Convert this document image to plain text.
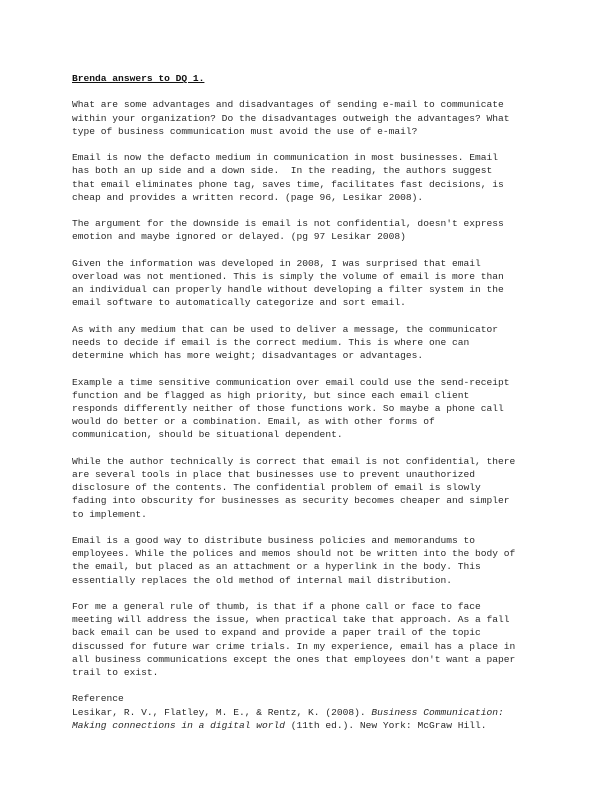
Brenda answers to DQ 1.
What are some advantages and disadvantages of sending e-mail to communicate
within your organization? Do the disadvantages outweigh the advantages? What
type of business communication must avoid the use of e-mail?
Email is now the defacto medium in communication in most businesses. Email
has both an up side and a down side.  In the reading, the authors suggest
that email eliminates phone tag, saves time, facilitates fast decisions, is
cheap and provides a written record. (page 96, Lesikar 2008).
The argument for the downside is email is not confidential, doesn't express
emotion and maybe ignored or delayed. (pg 97 Lesikar 2008)
Given the information was developed in 2008, I was surprised that email
overload was not mentioned. This is simply the volume of email is more than
an individual can properly handle without developing a filter system in the
email software to automatically categorize and sort email.
As with any medium that can be used to deliver a message, the communicator
needs to decide if email is the correct medium. This is where one can
determine which has more weight; disadvantages or advantages.
Example a time sensitive communication over email could use the send-receipt
function and be flagged as high priority, but since each email client
responds differently neither of those functions work. So maybe a phone call
would do better or a combination. Email, as with other forms of
communication, should be situational dependent.
While the author technically is correct that email is not confidential, there
are several tools in place that businesses use to prevent unauthorized
disclosure of the contents. The confidential problem of email is slowly
fading into obscurity for businesses as security becomes cheaper and simpler
to implement.
Email is a good way to distribute business policies and memorandums to
employees. While the polices and memos should not be written into the body of
the email, but placed as an attachment or a hyperlink in the body. This
essentially replaces the old method of internal mail distribution.
For me a general rule of thumb, is that if a phone call or face to face
meeting will address the issue, when practical take that approach. As a fall
back email can be used to expand and provide a paper trail of the topic
discussed for future war crime trials. In my experience, email has a place in
all business communications except the ones that employees don't want a paper
trail to exist.
Reference
Lesikar, R. V., Flatley, M. E., & Rentz, K. (2008). Business Communication:
Making connections in a digital world (11th ed.). New York: McGraw Hill.
